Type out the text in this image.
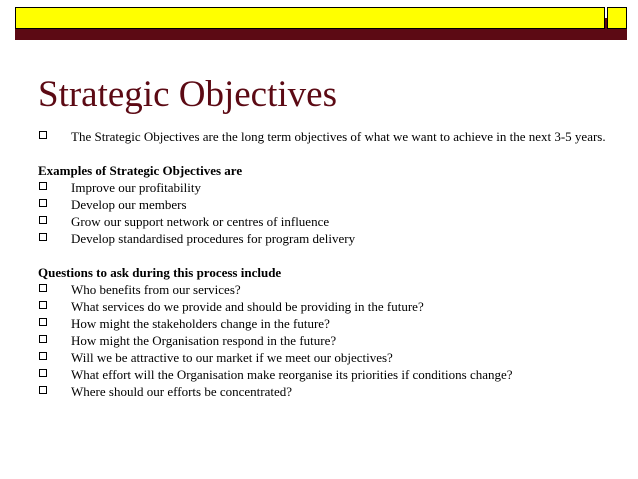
Strategic Objectives
The Strategic Objectives are the long term objectives of what we want to achieve in the next 3-5 years.
Examples of Strategic Objectives are
Improve our profitability
Develop our members
Grow our support network or centres of influence
Develop standardised procedures for program delivery
Questions to ask during this process include
Who benefits from our services?
What services do we provide and should be providing in the future?
How might the stakeholders change in the future?
How might the Organisation respond in the future?
Will we be attractive to our market if we meet our objectives?
What effort will the Organisation make reorganise its priorities if conditions change?
Where should our efforts be concentrated?
